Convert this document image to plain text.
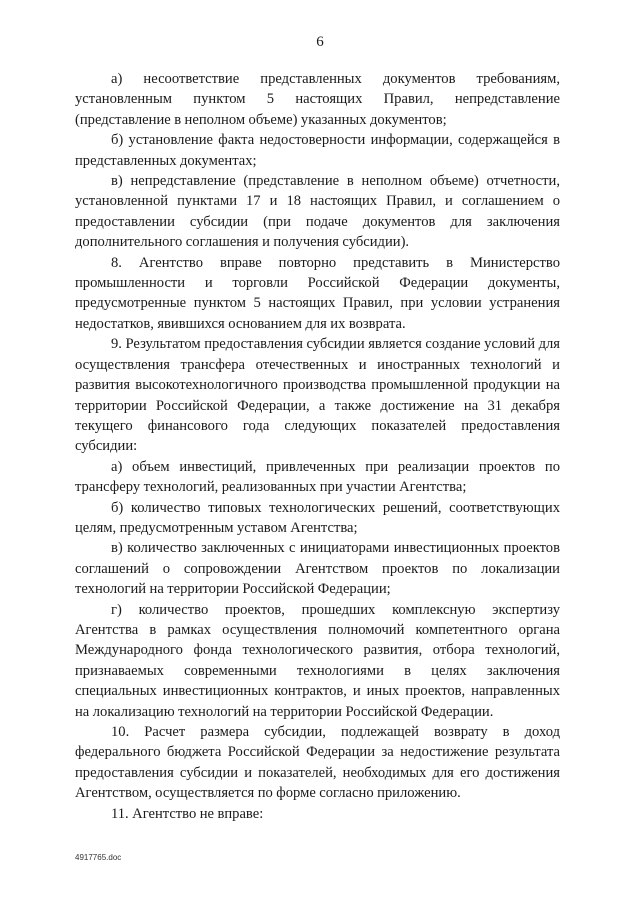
6

а) несоответствие представленных документов требованиям, установленным пунктом 5 настоящих Правил, непредставление (представление в неполном объеме) указанных документов;

б) установление факта недостоверности информации, содержащейся в представленных документах;

в) непредставление (представление в неполном объеме) отчетности, установленной пунктами 17 и 18 настоящих Правил, и соглашением о предоставлении субсидии (при подаче документов для заключения дополнительного соглашения и получения субсидии).

8. Агентство вправе повторно представить в Министерство промышленности и торговли Российской Федерации документы, предусмотренные пунктом 5 настоящих Правил, при условии устранения недостатков, явившихся основанием для их возврата.

9. Результатом предоставления субсидии является создание условий для осуществления трансфера отечественных и иностранных технологий и развития высокотехнологичного производства промышленной продукции на территории Российской Федерации, а также достижение на 31 декабря текущего финансового года следующих показателей предоставления субсидии:

а) объем инвестиций, привлеченных при реализации проектов по трансферу технологий, реализованных при участии Агентства;

б) количество типовых технологических решений, соответствующих целям, предусмотренным уставом Агентства;

в) количество заключенных с инициаторами инвестиционных проектов соглашений о сопровождении Агентством проектов по локализации технологий на территории Российской Федерации;

г) количество проектов, прошедших комплексную экспертизу Агентства в рамках осуществления полномочий компетентного органа Международного фонда технологического развития, отбора технологий, признаваемых современными технологиями в целях заключения специальных инвестиционных контрактов, и иных проектов, направленных на локализацию технологий на территории Российской Федерации.

10. Расчет размера субсидии, подлежащей возврату в доход федерального бюджета Российской Федерации за недостижение результата предоставления субсидии и показателей, необходимых для его достижения Агентством, осуществляется по форме согласно приложению.

11. Агентство не вправе:

4917765.doc
